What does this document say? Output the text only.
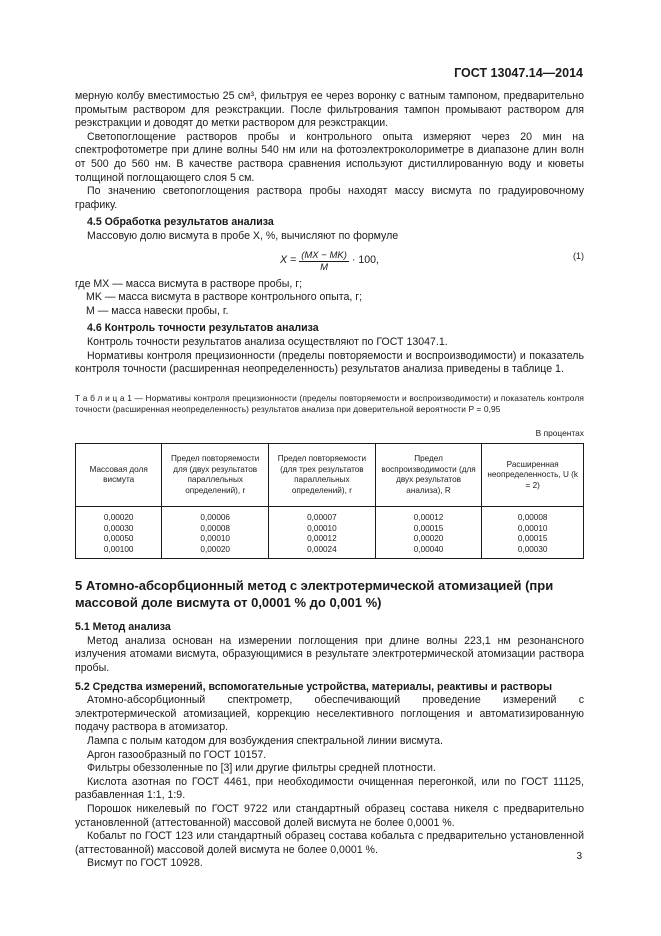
ГОСТ 13047.14—2014

мерную колбу вместимостью 25 см³, фильтруя ее через воронку с ватным тампоном, предварительно промытым раствором для реэкстракции. После фильтрования тампон промывают раствором для реэкстракции и доводят до метки раствором для реэкстракции.

Светопоглощение растворов пробы и контрольного опыта измеряют через 20 мин на спектрофотометре при длине волны 540 нм или на фотоэлектроколориметре в диапазоне длин волн от 500 до 560 нм. В качестве раствора сравнения используют дистиллированную воду и кюветы толщиной поглощающего слоя 5 см.

По значению светопоглощения раствора пробы находят массу висмута по градуировочному графику.

4.5 Обработка результатов анализа

Массовую долю висмута в пробе X, %, вычисляют по формуле

$X = \frac{(MX - MK)}{M} \cdot 100$,	(1)
где MX — масса висмута в растворе пробы, г;
MK — масса висмута в растворе контрольного опыта, г;
M — масса навески пробы, г.
4.6 Контроль точности результатов анализа

Контроль точности результатов анализа осуществляют по ГОСТ 13047.1.

Нормативы контроля прецизионности (пределы повторяемости и воспроизводимости) и показатель контроля точности (расширенная неопределенность) результатов анализа приведены в таблице 1.

Т а б л и ц а 1 — Нормативы контроля прецизионности (пределы повторяемости и воспроизводимости) и показатель контроля точности (расширенная неопределенность) результатов анализа при доверительной вероятности P = 0,95
В процентах
Массовая доля висмута	Предел повторяемости для (двух результатов параллельных определений), r	Предел повторяемости (для трех результатов параллельных определений), r	Предел воспроизводимости (для двух результатов анализа), R	Расширенная неопределенность, U (k = 2)
0,00020	0,00006	0,00007	0,00012	0,00008
0,00030	0,00008	0,00010	0,00015	0,00010
0,00050	0,00010	0,00012	0,00020	0,00015
0,00100	0,00020	0,00024	0,00040	0,00030
5 Атомно-абсорбционный метод с электротермической атомизацией (при массовой доле висмута от 0,0001 % до 0,001 %)
5.1 Метод анализа

Метод анализа основан на измерении поглощения при длине волны 223,1 нм резонансного излучения атомами висмута, образующимися в результате электротермической атомизации раствора пробы.

5.2 Средства измерений, вспомогательные устройства, материалы, реактивы и растворы

Атомно-абсорбционный спектрометр, обеспечивающий проведение измерений с электротермической атомизацией, коррекцию неселективного поглощения и автоматизированную подачу раствора в атомизатор.

Лампа с полым катодом для возбуждения спектральной линии висмута.

Аргон газообразный по ГОСТ 10157.

Фильтры обеззоленные по [3] или другие фильтры средней плотности.

Кислота азотная по ГОСТ 4461, при необходимости очищенная перегонкой, или по ГОСТ 11125, разбавленная 1:1, 1:9.

Порошок никелевый по ГОСТ 9722 или стандартный образец состава никеля с предварительно установленной (аттестованной) массовой долей висмута не более 0,0001 %.

Кобальт по ГОСТ 123 или стандартный образец состава кобальта с предварительно установленной (аттестованной) массовой долей висмута не более 0,0001 %.

Висмут по ГОСТ 10928.

3
